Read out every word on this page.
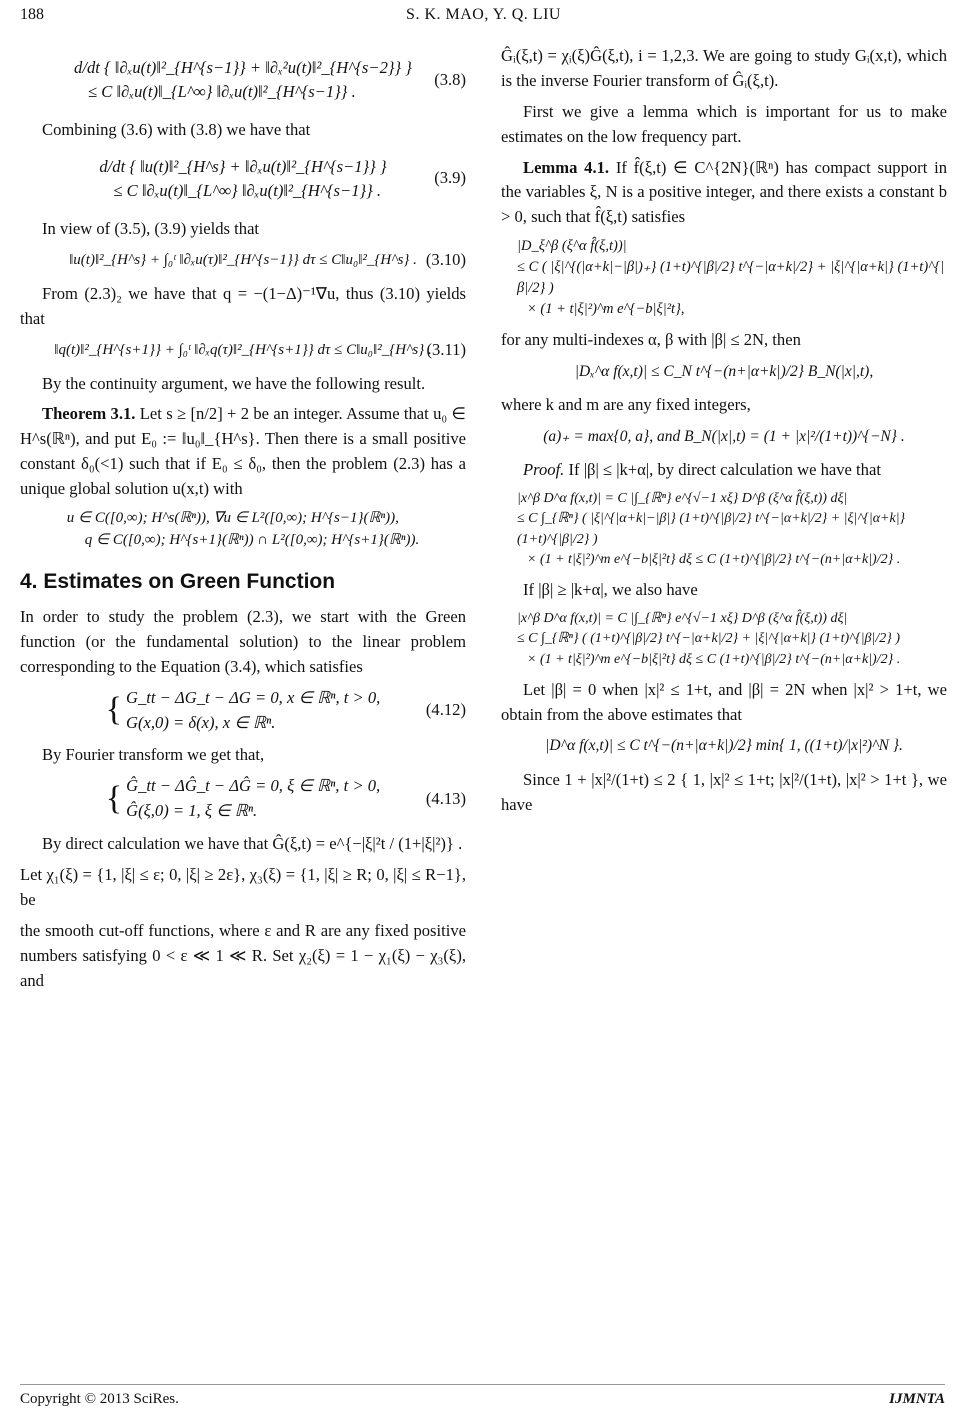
188	S. K. MAO, Y. Q. LIU
d/dt { ‖∂ₓu(t)‖²_{H^{s−1}} + ‖∂ₓ²u(t)‖²_{H^{s−2}} }
≤ C ‖∂ₓu(t)‖_{L^∞} ‖∂ₓu(t)‖²_{H^{s−1}} .
(3.8)

Combining (3.6) with (3.8) we have that

d/dt { ‖u(t)‖²_{H^s} + ‖∂ₓu(t)‖²_{H^{s−1}} }
≤ C ‖∂ₓu(t)‖_{L^∞} ‖∂ₓu(t)‖²_{H^{s−1}} .
(3.9)

In view of (3.5), (3.9) yields that

‖u(t)‖²_{H^s} + ∫₀ᵗ ‖∂ₓu(τ)‖²_{H^{s−1}} dτ ≤ C‖u₀‖²_{H^s} . (3.10)

From (2.3)₂ we have that q = −(1−Δ)⁻¹∇u, thus (3.10) yields that

‖q(t)‖²_{H^{s+1}} + ∫₀ᵗ ‖∂ₓq(τ)‖²_{H^{s+1}} dτ ≤ C‖u₀‖²_{H^s} .
(3.11)

By the continuity argument, we have the following result.

Theorem 3.1. Let s ≥ [n/2] + 2 be an integer. Assume that u₀ ∈ H^s(ℝⁿ), and put E₀ := ‖u₀‖_{H^s}. Then there is a small positive constant δ₀(<1) such that if E₀ ≤ δ₀, then the problem (2.3) has a unique global solution u(x,t) with

u ∈ C([0,∞); H^s(ℝⁿ)), ∇u ∈ L²([0,∞); H^{s−1}(ℝⁿ)),
q ∈ C([0,∞); H^{s+1}(ℝⁿ)) ∩ L²([0,∞); H^{s+1}(ℝⁿ)).
4. Estimates on Green Function

In order to study the problem (2.3), we start with the Green function (or the fundamental solution) to the linear problem corresponding to the Equation (3.4), which satisfies

{ G_tt − ΔG_t − ΔG = 0, x ∈ ℝⁿ, t > 0,
G(x,0) = δ(x), x ∈ ℝⁿ.
(4.12)

By Fourier transform we get that,

{ Ĝ_tt − ΔĜ_t − ΔĜ = 0, ξ ∈ ℝⁿ, t > 0,
Ĝ(ξ,0) = 1, ξ ∈ ℝⁿ.
(4.13)

By direct calculation we have that Ĝ(ξ,t) = e^{−|ξ|²t / (1+|ξ|²)} .

Let χ₁(ξ) = {1, |ξ| ≤ ε; 0, |ξ| ≥ 2ε}, χ₃(ξ) = {1, |ξ| ≥ R; 0, |ξ| ≤ R−1}, be

the smooth cut-off functions, where ε and R are any fixed positive numbers satisfying 0 < ε ≪ 1 ≪ R. Set χ₂(ξ) = 1 − χ₁(ξ) − χ₃(ξ), and

Ĝᵢ(ξ,t) = χᵢ(ξ)Ĝ(ξ,t), i = 1,2,3. We are going to study Gᵢ(x,t), which is the inverse Fourier transform of Ĝᵢ(ξ,t).

First we give a lemma which is important for us to make estimates on the low frequency part.

Lemma 4.1. If f̂(ξ,t) ∈ C^{2N}(ℝⁿ) has compact support in the variables ξ, N is a positive integer, and there exists a constant b > 0, such that f̂(ξ,t) satisfies

|D_ξ^β (ξ^α f̂(ξ,t))|
≤ C ( |ξ|^{(|α+k|−|β|)₊} (1+t)^{|β|/2} t^{−|α+k|/2} + |ξ|^{|α+k|} (1+t)^{|β|/2} )
× (1 + t|ξ|²)^m e^{−b|ξ|²t},

for any multi-indexes α, β with |β| ≤ 2N, then

|Dₓ^α f(x,t)| ≤ C_N t^{−(n+|α+k|)/2} B_N(|x|,t),

where k and m are any fixed integers,

(a)₊ = max{0, a}, and B_N(|x|,t) = (1 + |x|²/(1+t))^{−N} .

Proof. If |β| ≤ |k+α|, by direct calculation we have that

|x^β D^α f(x,t)| = C |∫_{ℝⁿ} e^{√−1 xξ} D^β (ξ^α f̂(ξ,t)) dξ|
≤ C ∫_{ℝⁿ} ( |ξ|^{|α+k|−|β|} (1+t)^{|β|/2} t^{−|α+k|/2} + |ξ|^{|α+k|} (1+t)^{|β|/2} )
× (1 + t|ξ|²)^m e^{−b|ξ|²t} dξ ≤ C (1+t)^{|β|/2} t^{−(n+|α+k|)/2} .

If |β| ≥ |k+α|, we also have

|x^β D^α f(x,t)| = C |∫_{ℝⁿ} e^{√−1 xξ} D^β (ξ^α f̂(ξ,t)) dξ|
≤ C ∫_{ℝⁿ} ( (1+t)^{|β|/2} t^{−|α+k|/2} + |ξ|^{|α+k|} (1+t)^{|β|/2} )
× (1 + t|ξ|²)^m e^{−b|ξ|²t} dξ ≤ C (1+t)^{|β|/2} t^{−(n+|α+k|)/2} .

Let |β| = 0 when |x|² ≤ 1+t, and |β| = 2N when |x|² > 1+t, we obtain from the above estimates that

|D^α f(x,t)| ≤ C t^{−(n+|α+k|)/2} min{ 1, ((1+t)/|x|²)^N }.

Since 1 + |x|²/(1+t) ≤ 2 { 1, |x|² ≤ 1+t; |x|²/(1+t), |x|² > 1+t }, we have

Copyright © 2013 SciRes.	IJMNTA
